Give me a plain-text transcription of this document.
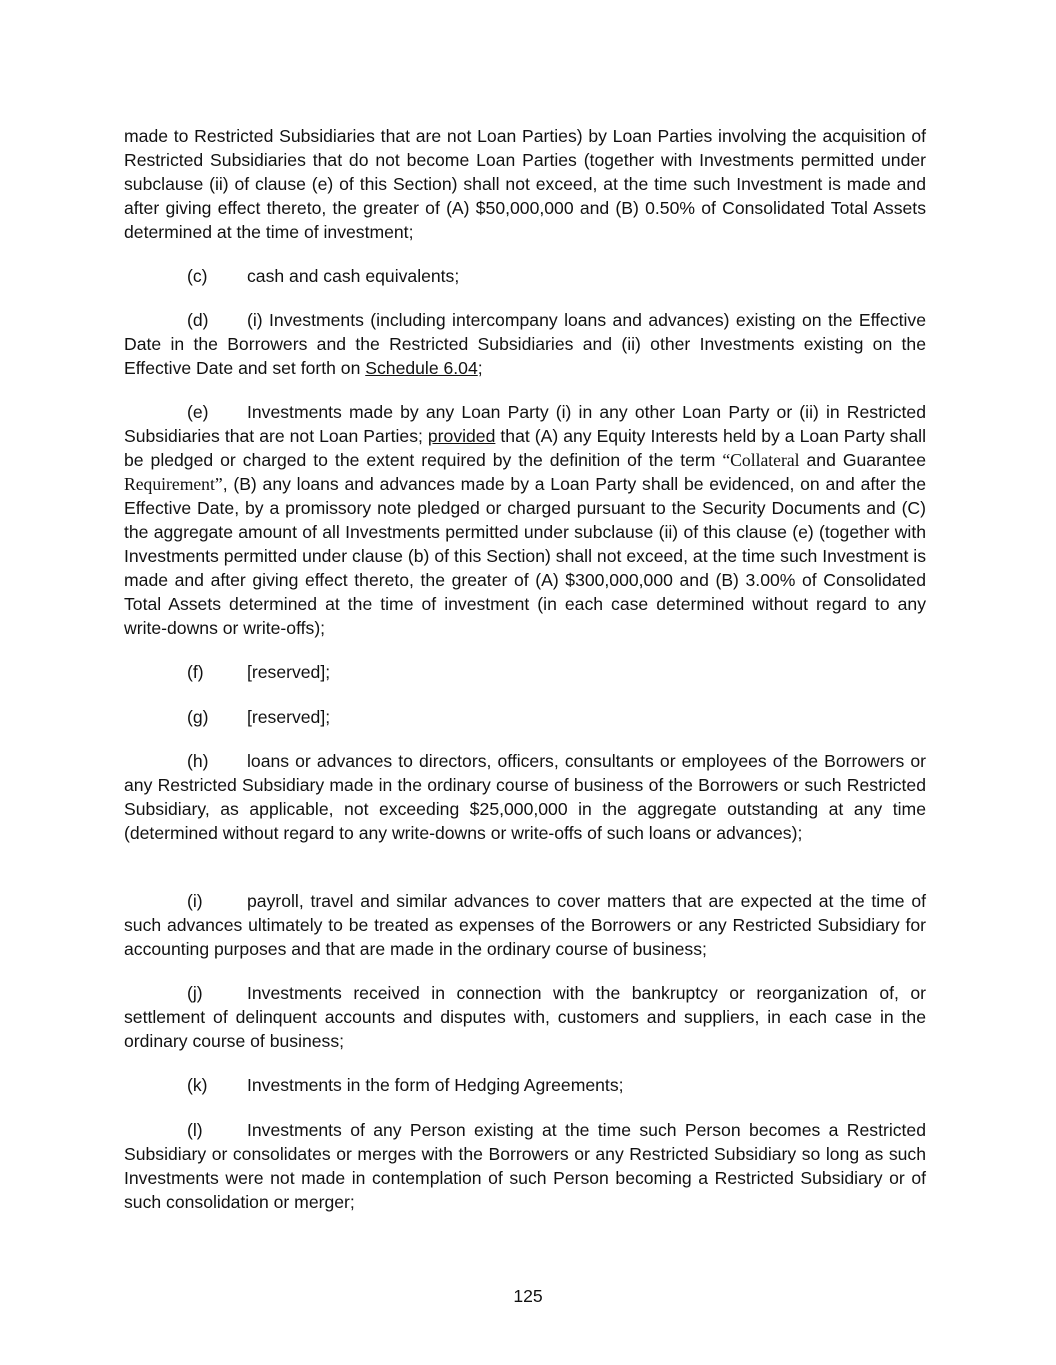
made to Restricted Subsidiaries that are not Loan Parties) by Loan Parties involving the acquisition of Restricted Subsidiaries that do not become Loan Parties (together with Investments permitted under subclause (ii) of clause (e) of this Section) shall not exceed, at the time such Investment is made and after giving effect thereto, the greater of (A) $50,000,000 and (B) 0.50% of Consolidated Total Assets determined at the time of investment;

(c) cash and cash equivalents;

(d) (i) Investments (including intercompany loans and advances) existing on the Effective Date in the Borrowers and the Restricted Subsidiaries and (ii) other Investments existing on the Effective Date and set forth on Schedule 6.04;

(e) Investments made by any Loan Party (i) in any other Loan Party or (ii) in Restricted Subsidiaries that are not Loan Parties; provided that (A) any Equity Interests held by a Loan Party shall be pledged or charged to the extent required by the definition of the term “Collateral and Guarantee Requirement”, (B) any loans and advances made by a Loan Party shall be evidenced, on and after the Effective Date, by a promissory note pledged or charged pursuant to the Security Documents and (C) the aggregate amount of all Investments permitted under subclause (ii) of this clause (e) (together with Investments permitted under clause (b) of this Section) shall not exceed, at the time such Investment is made and after giving effect thereto, the greater of (A) $300,000,000 and (B) 3.00% of Consolidated Total Assets determined at the time of investment (in each case determined without regard to any write-downs or write-offs);

(f) [reserved];

(g) [reserved];

(h) loans or advances to directors, officers, consultants or employees of the Borrowers or any Restricted Subsidiary made in the ordinary course of business of the Borrowers or such Restricted Subsidiary, as applicable, not exceeding $25,000,000 in the aggregate outstanding at any time (determined without regard to any write-downs or write-offs of such loans or advances);

(i)	payroll, travel and similar advances to cover matters that are expected at the time of such advances ultimately to be treated as expenses of the Borrowers or any Restricted Subsidiary for accounting purposes and that are made in the ordinary course of business;

(j)	Investments received in connection with the bankruptcy or reorganization of, or settlement of delinquent accounts and disputes with, customers and suppliers, in each case in the ordinary course of business;

(k) Investments in the form of Hedging Agreements;

(l)	Investments of any Person existing at the time such Person becomes a Restricted Subsidiary or consolidates or merges with the Borrowers or any Restricted Subsidiary so long as such Investments were not made in contemplation of such Person becoming a Restricted Subsidiary or of such consolidation or merger;

125
